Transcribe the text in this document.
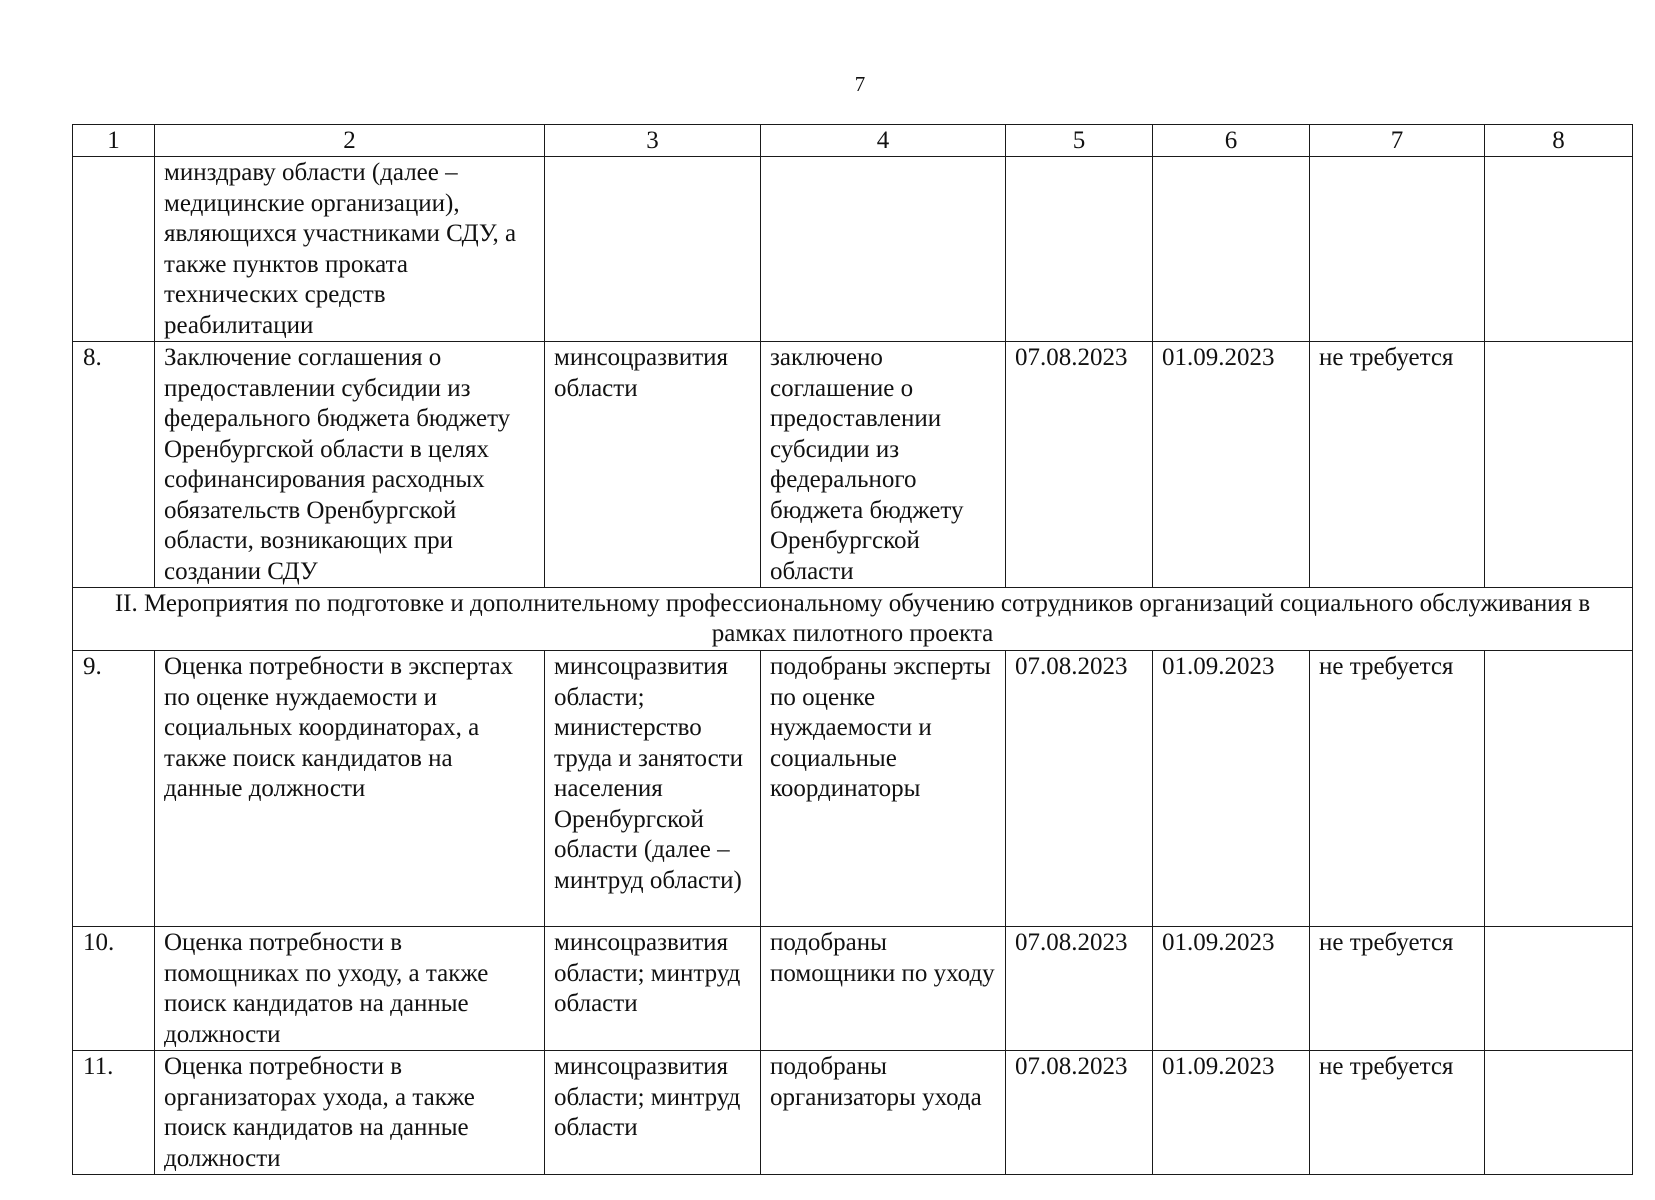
7
1	2	3	4	5	6	7	8
	минздраву области (далее – медицинские организации), являющихся участниками СДУ, а также пунктов проката технических средств реабилитации						
8.	Заключение соглашения о предоставлении субсидии из федерального бюджета бюджету Оренбургской области в целях софинансирования расходных обязательств Оренбургской области, возникающих при создании СДУ	минсоцразвития области	заключено соглашение о предоставлении субсидии из федерального бюджета бюджету Оренбургской области	07.08.2023	01.09.2023	не требуется	
II. Мероприятия по подготовке и дополнительному профессиональному обучению сотрудников организаций социального обслуживания в рамках пилотного проекта							
9.	Оценка потребности в экспертах по оценке нуждаемости и социальных координаторах, а также поиск кандидатов на данные должности	минсоцразвития области; министерство труда и занятости населения Оренбургской области (далее – минтруд области)	подобраны эксперты по оценке нуждаемости и социальные координаторы	07.08.2023	01.09.2023	не требуется	
10.	Оценка потребности в помощниках по уходу, а также поиск кандидатов на данные должности	минсоцразвития области; минтруд области	подобраны помощники по уходу	07.08.2023	01.09.2023	не требуется	
11.	Оценка потребности в организаторах ухода, а также поиск кандидатов на данные должности	минсоцразвития области; минтруд области	подобраны организаторы ухода	07.08.2023	01.09.2023	не требуется	
